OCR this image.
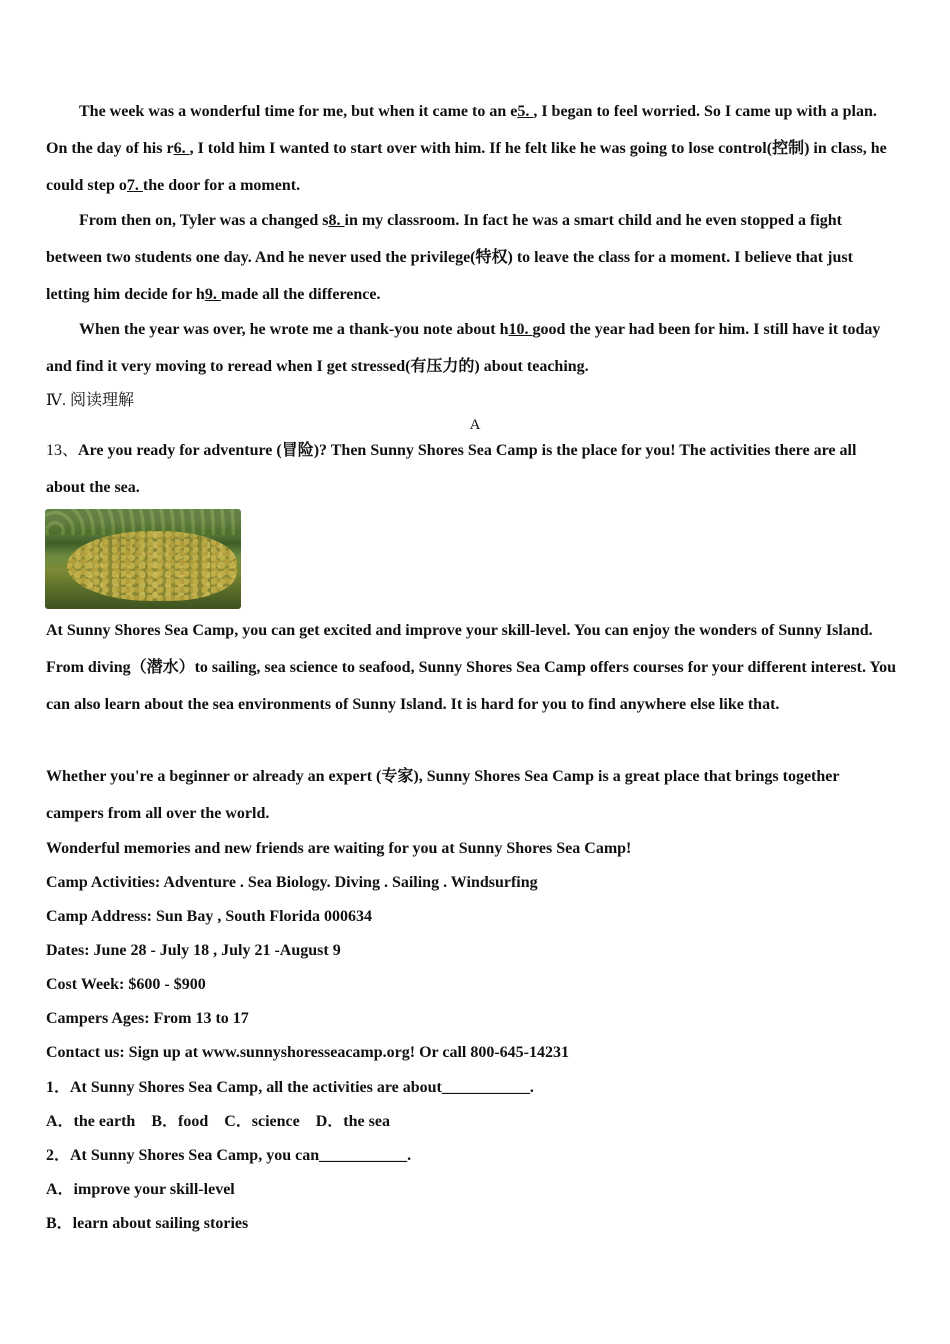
The week was a wonderful time for me, but when it came to an e5. , I began to feel worried. So I came up with a plan. On the day of his r6. , I told him I wanted to start over with him. If he felt like he was going to lose control(控制) in class, he could step o7. the door for a moment.

From then on, Tyler was a changed s8. in my classroom. In fact he was a smart child and he even stopped a fight between two students one day. And he never used the privilege(特权) to leave the class for a moment. I believe that just letting him decide for h9. made all the difference.

When the year was over, he wrote me a thank-you note about h10. good the year had been for him. I still have it today and find it very moving to reread when I get stressed(有压力的) about teaching.

Ⅳ. 阅读理解
A

13、Are you ready for adventure (冒险)? Then Sunny Shores Sea Camp is the place for you! The activities there are all about the sea.

At Sunny Shores Sea Camp, you can get excited and improve your skill-level. You can enjoy the wonders of Sunny Island. From diving（潜水）to sailing, sea science to seafood, Sunny Shores Sea Camp offers courses for your different interest. You can also learn about the sea environments of Sunny Island. It is hard for you to find anywhere else like that.

Whether you're a beginner or already an expert (专家), Sunny Shores Sea Camp is a great place that brings together campers from all over the world.

Wonderful memories and new friends are waiting for you at Sunny Shores Sea Camp!
Camp Activities: Adventure . Sea Biology. Diving . Sailing . Windsurfing
Camp Address: Sun Bay , South Florida 000634
Dates: June 28 - July 18 , July 21 -August 9
Cost Week: $600 - $900
Campers Ages: From 13 to 17
Contact us: Sign up at www.sunnyshoresseacamp.org! Or call 800-645-14231
1．At Sunny Shores Sea Camp, all the activities are about___________.
A．the earth    B．food    C．science    D．the sea
2．At Sunny Shores Sea Camp, you can___________.
A．improve your skill-level
B．learn about sailing stories
